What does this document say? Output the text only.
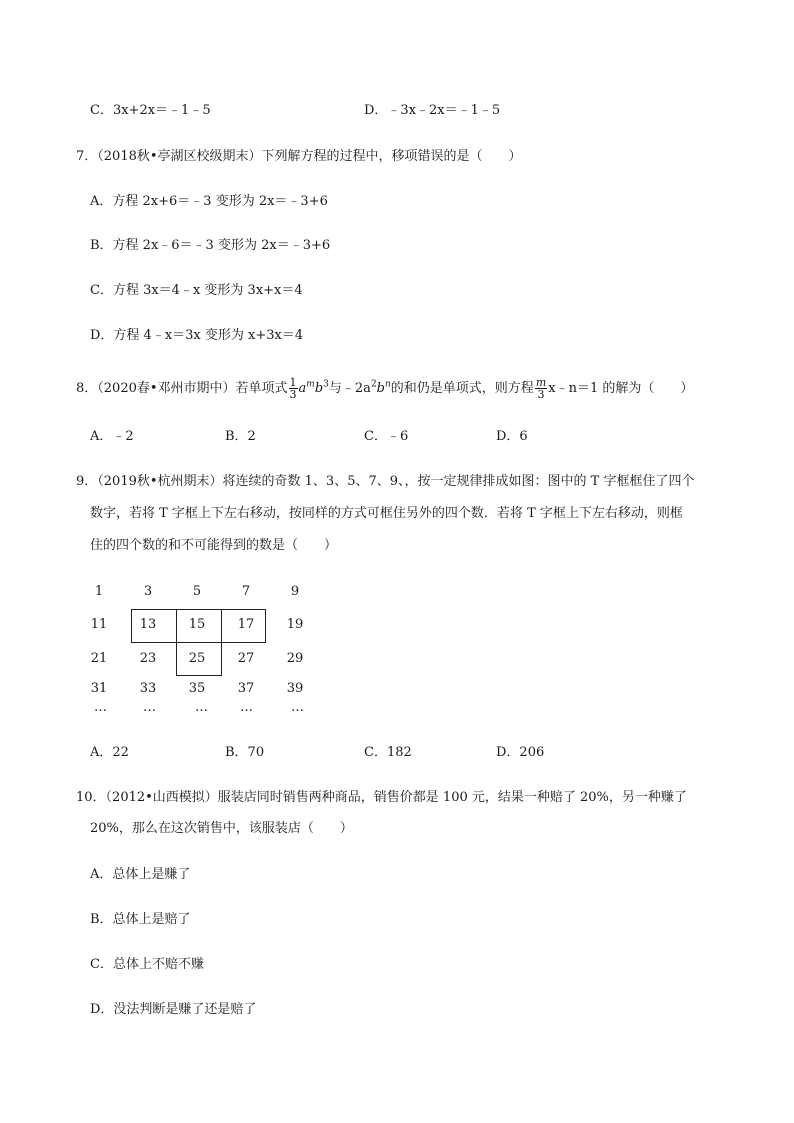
C．3x+2x＝﹣1﹣5	D．﹣3x﹣2x＝﹣1﹣5
7．（2018秋•亭湖区校级期末）下列解方程的过程中，移项错误的是（　　）
A．方程 2x+6＝﹣3 变形为 2x＝﹣3+6
B．方程 2x﹣6＝﹣3 变形为 2x＝﹣3+6
C．方程 3x＝4﹣x 变形为 3x+x＝4
D．方程 4﹣x＝3x 变形为 x+3x＝4
8．（2020春•邓州市期中）若单项式 $\frac{1}{3} a^mb^3$与$﹣2a^2b^n$的和仍是单项式，则方程 $\frac{m}{3}$ x﹣n＝1 的解为（　　）
A．﹣2	B．2	C．﹣6	D．6
9．（2019秋•杭州期末）将连续的奇数 1、3、5、7、9、，按一定规律排成如图：图中的 T 字框框住了四个
数字，若将 T 字框上下左右移动，按同样的方式可框住另外的四个数．若将 T 字框上下左右移动，则框
住的四个数的和不可能得到的数是（　　）
1	3	5	7	9
11	13	15	17	19
21	23	25	27	29
31	33	35	37	39
…	…	…	…	…
A．22	B．70	C．182	D．206
10．（2012•山西模拟）服装店同时销售两种商品，销售价都是 100 元，结果一种赔了 20%，另一种赚了
20%，那么在这次销售中，该服装店（　　）
A．总体上是赚了
B．总体上是赔了
C．总体上不赔不赚
D．没法判断是赚了还是赔了
